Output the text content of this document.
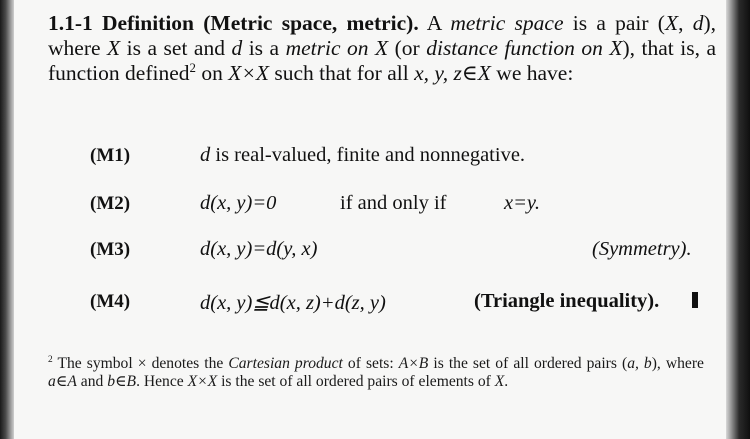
1.1-1 Definition (Metric space, metric). A metric space is a pair (X, d), where X is a set and d is a metric on X (or distance function on X), that is, a function defined$^2$ on X×X such that for all x, y, z∈X we have:
(M1)	d is real-valued, finite and nonnegative.
(M2)	d(x, y)=0	if and only if	x=y.
(M3)	d(x, y)=d(y, x)	(Symmetry).
(M4)	d(x, y)≦d(x, z)+d(z, y)	(Triangle inequality).
$^2$ The symbol × denotes the Cartesian product of sets: A×B is the set of all ordered pairs (a, b), where a∈A and b∈B. Hence X×X is the set of all ordered pairs of elements of X.
